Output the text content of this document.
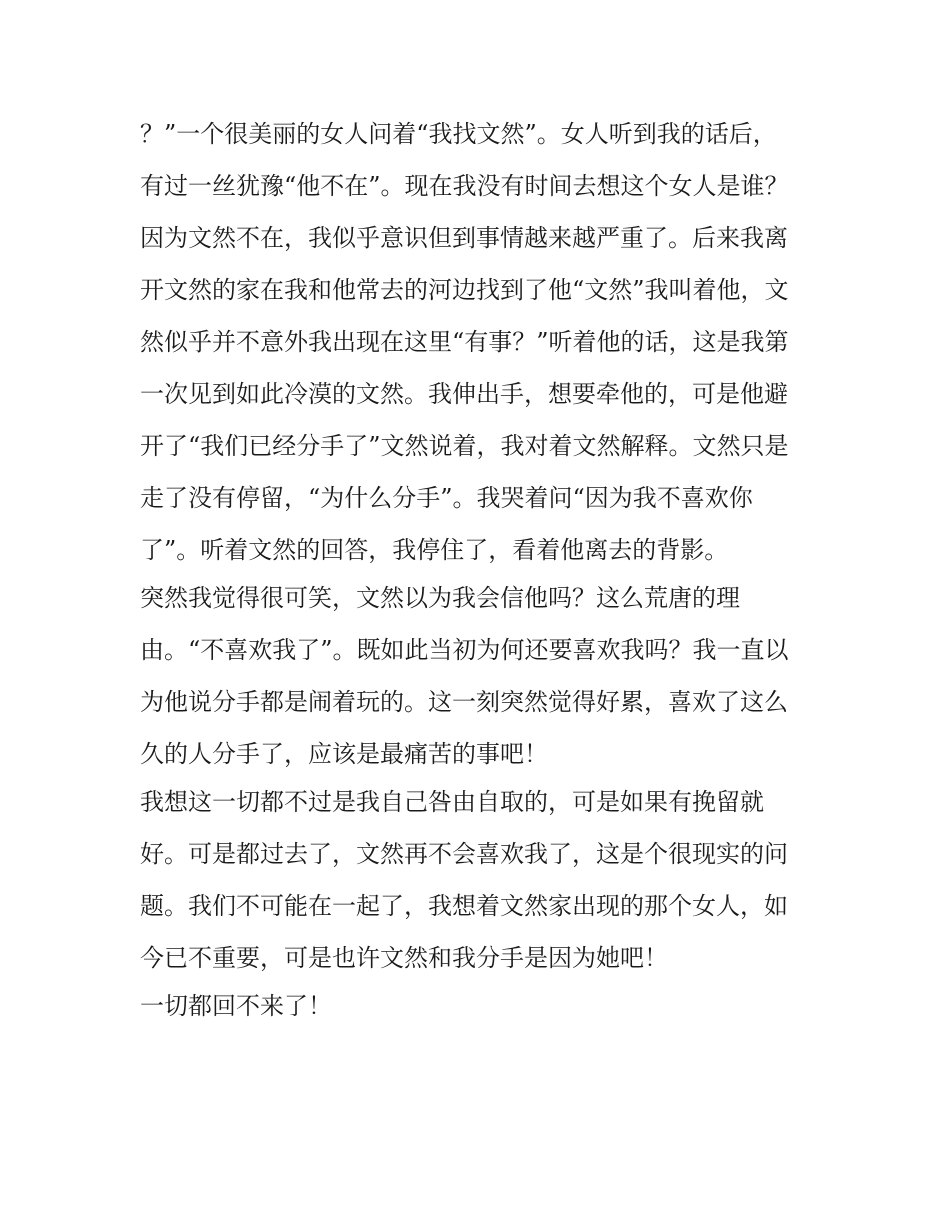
？”一个很美丽的女人问着“我找文然”。女人听到我的话后，
有过一丝犹豫“他不在”。现在我没有时间去想这个女人是谁？
因为文然不在，我似乎意识但到事情越来越严重了。后来我离
开文然的家在我和他常去的河边找到了他“文然”我叫着他，文
然似乎并不意外我出现在这里“有事？”听着他的话，这是我第
一次见到如此冷漠的文然。我伸出手，想要牵他的，可是他避
开了“我们已经分手了”文然说着，我对着文然解释。文然只是
走了没有停留，“为什么分手”。我哭着问“因为我不喜欢你
了”。听着文然的回答，我停住了，看着他离去的背影。
突然我觉得很可笑，文然以为我会信他吗？这么荒唐的理
由。“不喜欢我了”。既如此当初为何还要喜欢我吗？我一直以
为他说分手都是闹着玩的。这一刻突然觉得好累，喜欢了这么
久的人分手了，应该是最痛苦的事吧！
我想这一切都不过是我自己咎由自取的，可是如果有挽留就
好。可是都过去了，文然再不会喜欢我了，这是个很现实的问
题。我们不可能在一起了，我想着文然家出现的那个女人，如
今已不重要，可是也许文然和我分手是因为她吧！
一切都回不来了！
